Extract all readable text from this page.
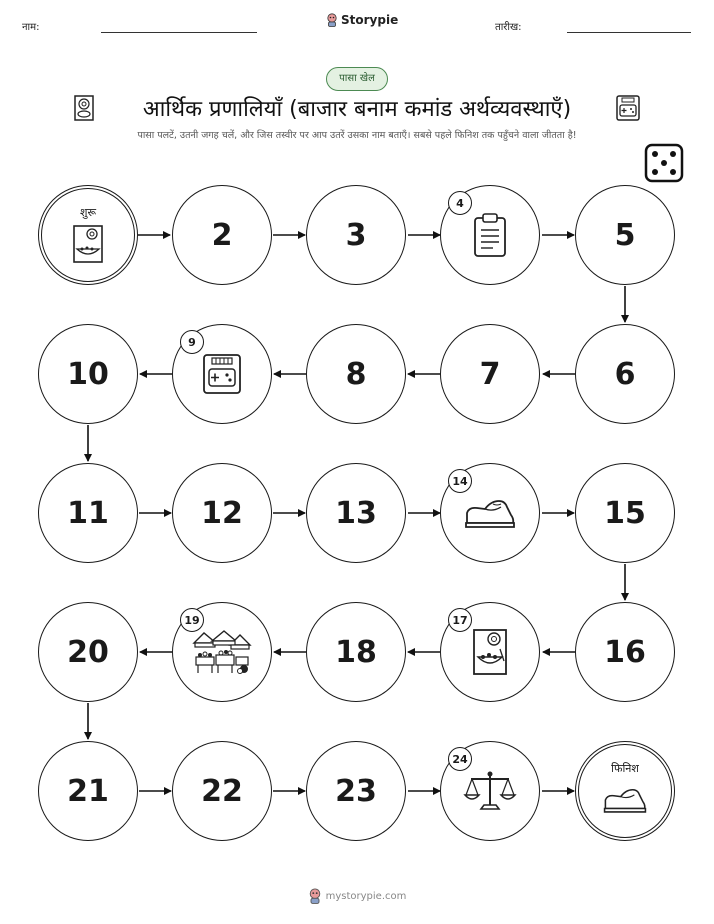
नाम:
Storypie
तारीख:
पासा खेल
आर्थिक प्रणालियाँ (बाजार बनाम कमांड अर्थव्यवस्थाएँ)
पासा पलटें, उतनी जगह चलें, और जिस तस्वीर पर आप उतरें उसका नाम बताएँ। सबसे पहले फिनिश तक पहुँचने वाला जीतता है!
शुरू
2	3
4
5
10
9
8	7	6
11	12	13
14
15
20
19
18
17
16
21	22	23
24
फिनिश
mystorypie.com
